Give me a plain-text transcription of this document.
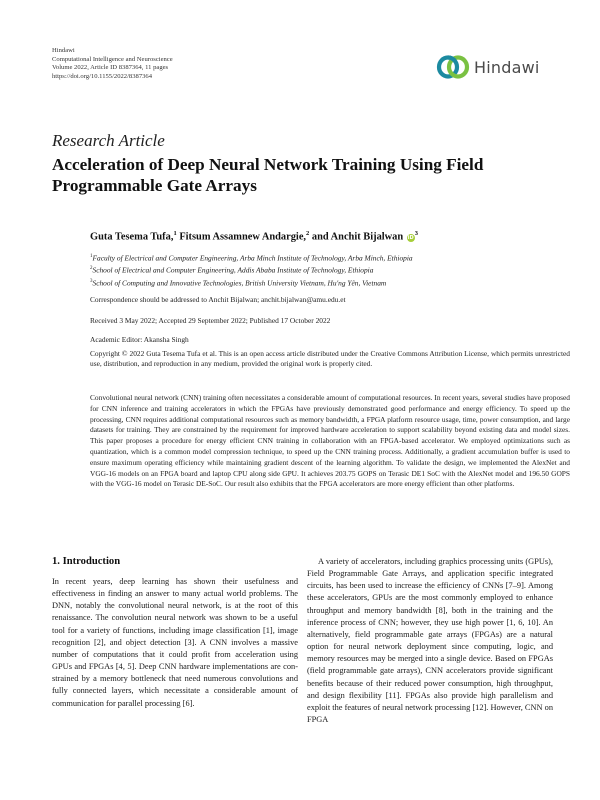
Hindawi
Computational Intelligence and Neuroscience
Volume 2022, Article ID 8387364, 11 pages
https://doi.org/10.1155/2022/8387364	Hindawi
Research Article
Acceleration of Deep Neural Network Training Using Field Programmable Gate Arrays
Guta Tesema Tufa,$^1$ Fitsum Assamnew Andargie,$^2$ and Anchit Bijalwan $iD^3$
$^1$Faculty of Electrical and Computer Engineering, Arba Minch Institute of Technology, Arba Minch, Ethiopia
$^2$School of Electrical and Computer Engineering, Addis Ababa Institute of Technology, Ethiopia
$^3$School of Computing and Innovative Technologies, British University Vietnam, Hu'ng Yên, Vietnam
Correspondence should be addressed to Anchit Bijalwan; anchit.bijalwan@amu.edu.et
Received 3 May 2022; Accepted 29 September 2022; Published 17 October 2022
Academic Editor: Akansha Singh
Copyright © 2022 Guta Tesema Tufa et al. This is an open access article distributed under the Creative Commons Attribution License, which permits unrestricted use, distribution, and reproduction in any medium, provided the original work is properly cited.
Convolutional neural network (CNN) training often necessitates a considerable amount of computational resources. In recent years, several studies have proposed for CNN inference and training accelerators in which the FPGAs have previously demonstrated good performance and energy efficiency. To speed up the processing, CNN requires additional computational resources such as memory bandwidth, a FPGA platform resource usage, time, power consumption, and large datasets for training. They are constrained by the requirement for improved hardware acceleration to support scalability beyond existing data and model sizes. This paper proposes a procedure for energy efficient CNN training in collaboration with an FPGA-based accelerator. We employed optimizations such as quantization, which is a common model compression technique, to speed up the CNN training process. Additionally, a gradient accumulation buffer is used to ensure maximum operating efficiency while maintaining gradient descent of the learning algorithm. To validate the design, we implemented the AlexNet and VGG-16 models on an FPGA board and laptop CPU along side GPU. It achieves 203.75 GOPS on Terasic DE1 SoC with the AlexNet model and 196.50 GOPS with the VGG-16 model on Terasic DE-SoC. Our result also exhibits that the FPGA accelerators are more energy efficient than other platforms.
1. Introduction
In recent years, deep learning has shown their usefulness and effectiveness in finding an answer to many actual world problems. The DNN, notably the convolutional neural network, is at the root of this renaissance. The convolution neural network was shown to be a useful tool for a variety of functions, including image classification [1], image recognition [2], and object detection [3]. A CNN involves a massive number of computations that it could profit from acceleration using GPUs and FPGAs [4, 5]. Deep CNN hardware implementations are constrained by a memory bottleneck that need numerous convolutions and fully connected layers, which necessitate a considerable amount of communication for parallel processing [6].
A variety of accelerators, including graphics processing units (GPUs), Field Programmable Gate Arrays, and application specific integrated circuits, has been used to increase the efficiency of CNNs [7–9]. Among these accelerators, GPUs are the most commonly employed to enhance throughput and memory bandwidth [8], both in the training and the inference process of CNN; however, they use high power [1, 6, 10]. An alternatively, field programmable gate arrays (FPGAs) are a natural option for neural network deployment since computing, logic, and memory resources may be merged into a single device. Based on FPGAs (field programmable gate arrays), CNN accelerators provide significant benefits because of their reduced power consumption, high throughput, and design flexibility [11]. FPGAs also provide high parallelism and exploit the features of neural network processing [12]. However, CNN on FPGA
